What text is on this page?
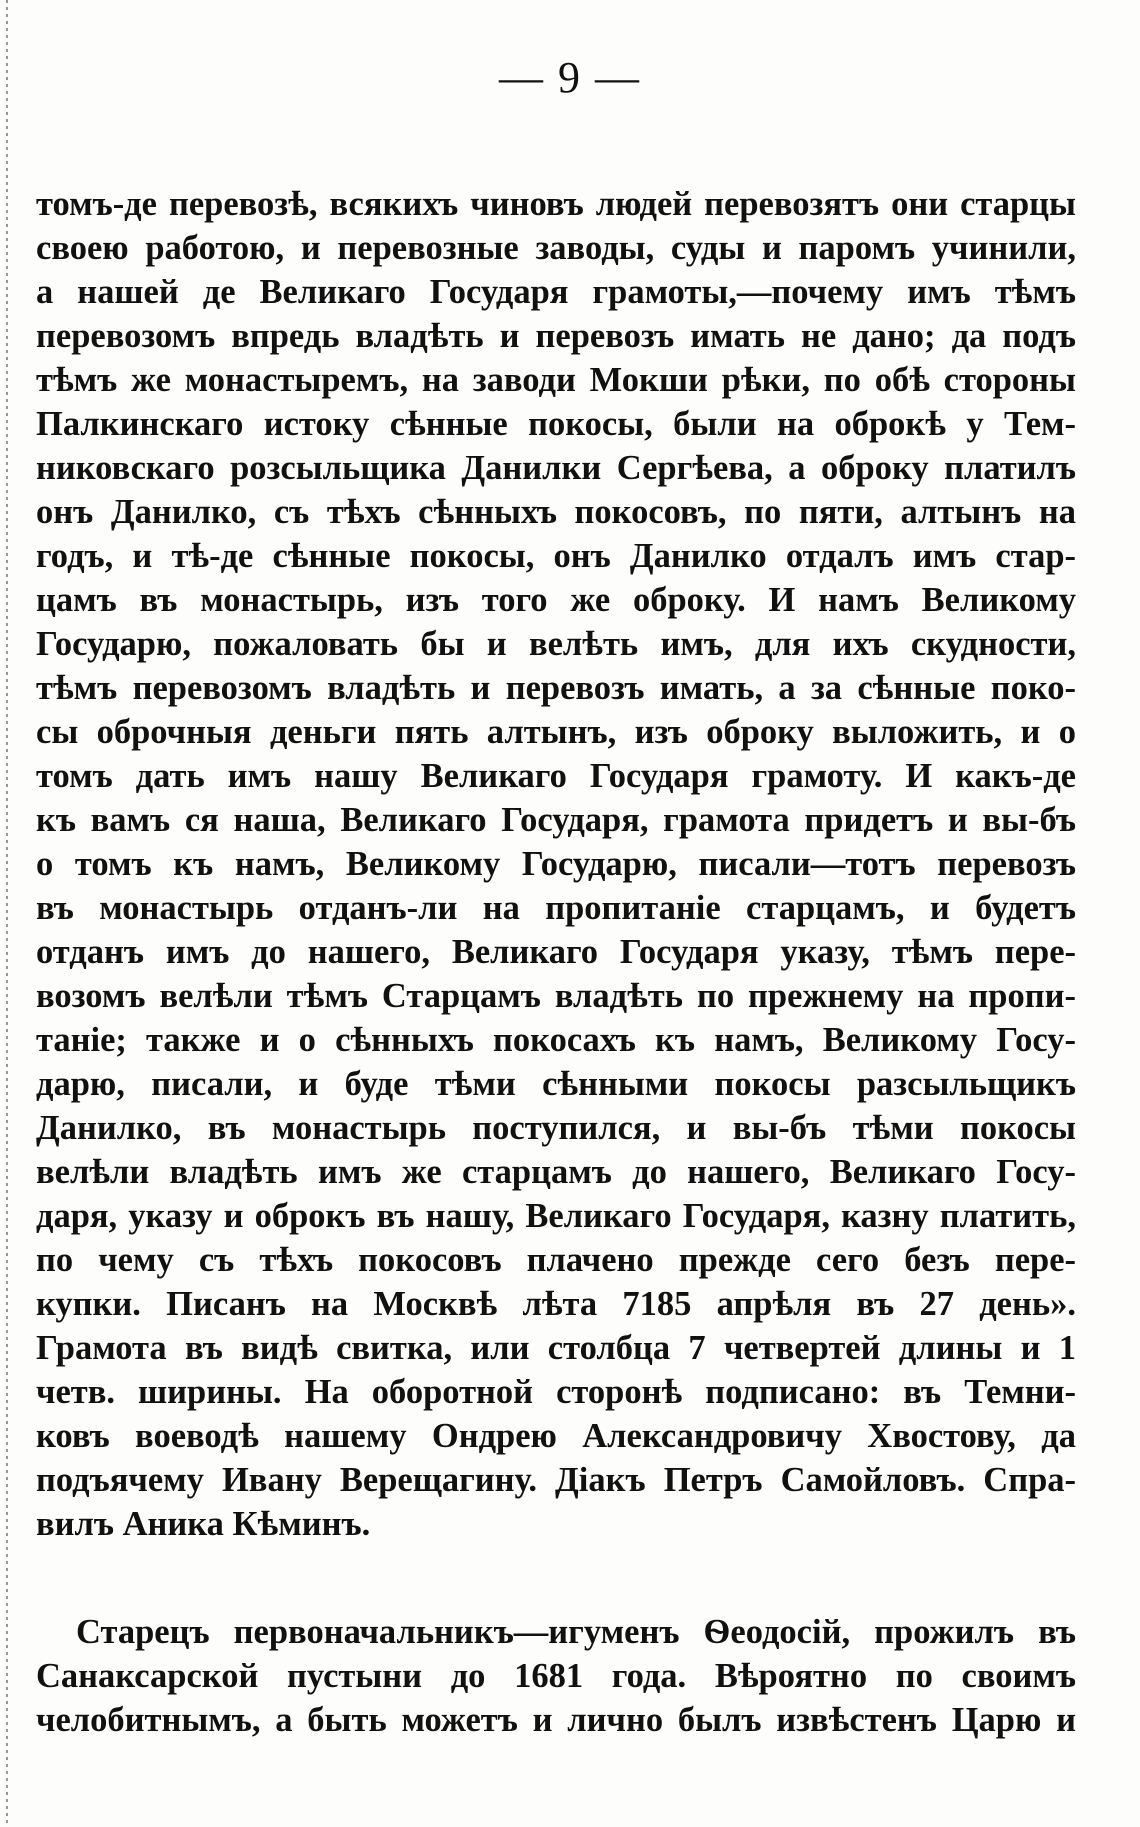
— 9 —
томъ-де перевозѣ, всякихъ чиновъ людей перевозятъ они старцы
своею работою, и перевозные заводы, суды и паромъ учинили,
а нашей де Великаго Государя грамоты,—почему имъ тѣмъ
перевозомъ впредь владѣть и перевозъ имать не дано; да подъ
тѣмъ же монастыремъ, на заводи Мокши рѣки, по обѣ стороны
Палкинскаго истоку сѣнные покосы, были на оброкѣ у Тем-
никовскаго розсыльщика Данилки Сергѣева, а оброку платилъ
онъ Данилко, съ тѣхъ сѣнныхъ покосовъ, по пяти, алтынъ на
годъ, и тѣ-де сѣнные покосы, онъ Данилко отдалъ имъ стар-
цамъ въ монастырь, изъ того же оброку. И намъ Великому
Государю, пожаловать бы и велѣть имъ, для ихъ скудности,
тѣмъ перевозомъ владѣть и перевозъ имать, а за сѣнные поко-
сы оброчныя деньги пять алтынъ, изъ оброку выложить, и о
томъ дать имъ нашу Великаго Государя грамоту. И какъ-де
къ вамъ ся наша, Великаго Государя, грамота придетъ и вы-бъ
о томъ къ намъ, Великому Государю, писали—тотъ перевозъ
въ монастырь отданъ-ли на пропитаніе старцамъ, и будетъ
отданъ имъ до нашего, Великаго Государя указу, тѣмъ пере-
возомъ велѣли тѣмъ Старцамъ владѣть по прежнему на пропи-
таніе; также и о сѣнныхъ покосахъ къ намъ, Великому Госу-
дарю, писали, и буде тѣми сѣнными покосы разсыльщикъ
Данилко, въ монастырь поступился, и вы-бъ тѣми покосы
велѣли владѣть имъ же старцамъ до нашего, Великаго Госу-
даря, указу и оброкъ въ нашу, Великаго Государя, казну платить,
по чему съ тѣхъ покосовъ плачено прежде сего безъ пере-
купки. Писанъ на Москвѣ лѣта 7185 апрѣля въ 27 день».
Грамота въ видѣ свитка, или столбца 7 четвертей длины и 1
четв. ширины. На оборотной сторонѣ подписано: въ Темни-
ковъ воеводѣ нашему Ондрею Александровичу Хвостову, да
подъячему Ивану Верещагину. Діакъ Петръ Самойловъ. Спра-
вилъ Аника Кѣминъ.
Старецъ первоначальникъ—игуменъ Ѳеодосій, прожилъ въ
Санаксарской пустыни до 1681 года. Вѣроятно по своимъ
челобитнымъ, а быть можетъ и лично былъ извѣстенъ Царю и
